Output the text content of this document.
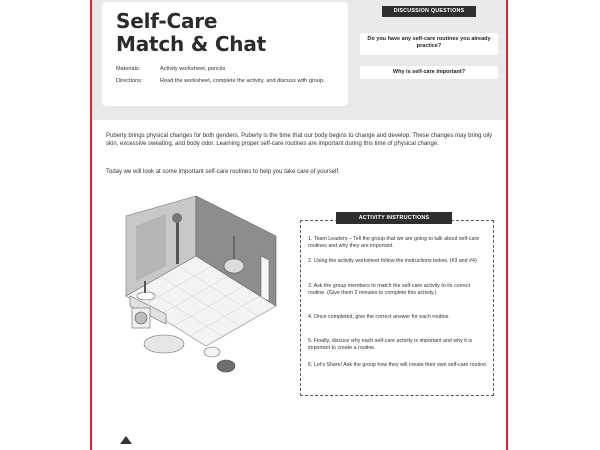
Self-Care
Match & Chat
Materials:	Activity worksheet, pencils
Directions:	Read the worksheet, complete the activity, and discuss with group.
DISCUSSION QUESTIONS
Do you have any self-care routines you already practice?
Why is self-care important?
Puberty brings physical changes for both genders. Puberty is the time that our body begins to change and develop. These changes may bring oily skin, excessive sweating, and body odor. Learning proper self-care routines are important during this time of physical change.
Today we will look at some important self-care routines to help you take care of yourself.
ACTIVITY INSTRUCTIONS
1. Team Leaders – Tell the group that we are going to talk about self-care routines and why they are important.
2. Using the activity worksheet follow the instructions below. (#3 and #4)
3. Ask the group members to match the self-care activity to its correct routine. (Give them 2 minutes to complete this activity.)
4. Once completed, give the correct answer for each routine.
5. Finally, discuss why each self-care activity is important and why it is important to create a routine.
6. Let’s Share! Ask the group how they will create their own self-care routine.
